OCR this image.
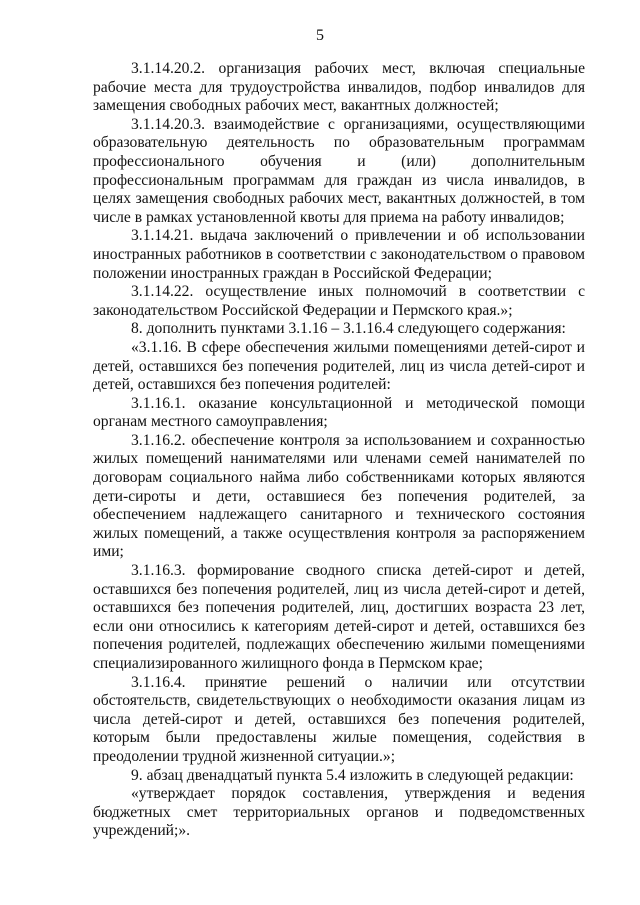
5

3.1.14.20.2. организация рабочих мест, включая специальные рабочие места для трудоустройства инвалидов, подбор инвалидов для замещения свободных рабочих мест, вакантных должностей;

3.1.14.20.3. взаимодействие с организациями, осуществляющими образовательную деятельность по образовательным программам профессионального обучения и (или) дополнительным профессиональным программам для граждан из числа инвалидов, в целях замещения свободных рабочих мест, вакантных должностей, в том числе в рамках установленной квоты для приема на работу инвалидов;

3.1.14.21. выдача заключений о привлечении и об использовании иностранных работников в соответствии с законодательством о правовом положении иностранных граждан в Российской Федерации;

3.1.14.22. осуществление иных полномочий в соответствии с законодательством Российской Федерации и Пермского края.»;

8. дополнить пунктами 3.1.16 – 3.1.16.4 следующего содержания:

«3.1.16. В сфере обеспечения жилыми помещениями детей-сирот и детей, оставшихся без попечения родителей, лиц из числа детей-сирот и детей, оставшихся без попечения родителей:

3.1.16.1. оказание консультационной и методической помощи органам местного самоуправления;

3.1.16.2. обеспечение контроля за использованием и сохранностью жилых помещений нанимателями или членами семей нанимателей по договорам социального найма либо собственниками которых являются дети-сироты и дети, оставшиеся без попечения родителей, за обеспечением надлежащего санитарного и технического состояния жилых помещений, а также осуществления контроля за распоряжением ими;

3.1.16.3. формирование сводного списка детей-сирот и детей, оставшихся без попечения родителей, лиц из числа детей-сирот и детей, оставшихся без попечения родителей, лиц, достигших возраста 23 лет, если они относились к категориям детей-сирот и детей, оставшихся без попечения родителей, подлежащих обеспечению жилыми помещениями специализированного жилищного фонда в Пермском крае;

3.1.16.4. принятие решений о наличии или отсутствии обстоятельств, свидетельствующих о необходимости оказания лицам из числа детей-сирот и детей, оставшихся без попечения родителей, которым были предоставлены жилые помещения, содействия в преодолении трудной жизненной ситуации.»;

9. абзац двенадцатый пункта 5.4 изложить в следующей редакции:

«утверждает порядок составления, утверждения и ведения бюджетных смет территориальных органов и подведомственных учреждений;».
